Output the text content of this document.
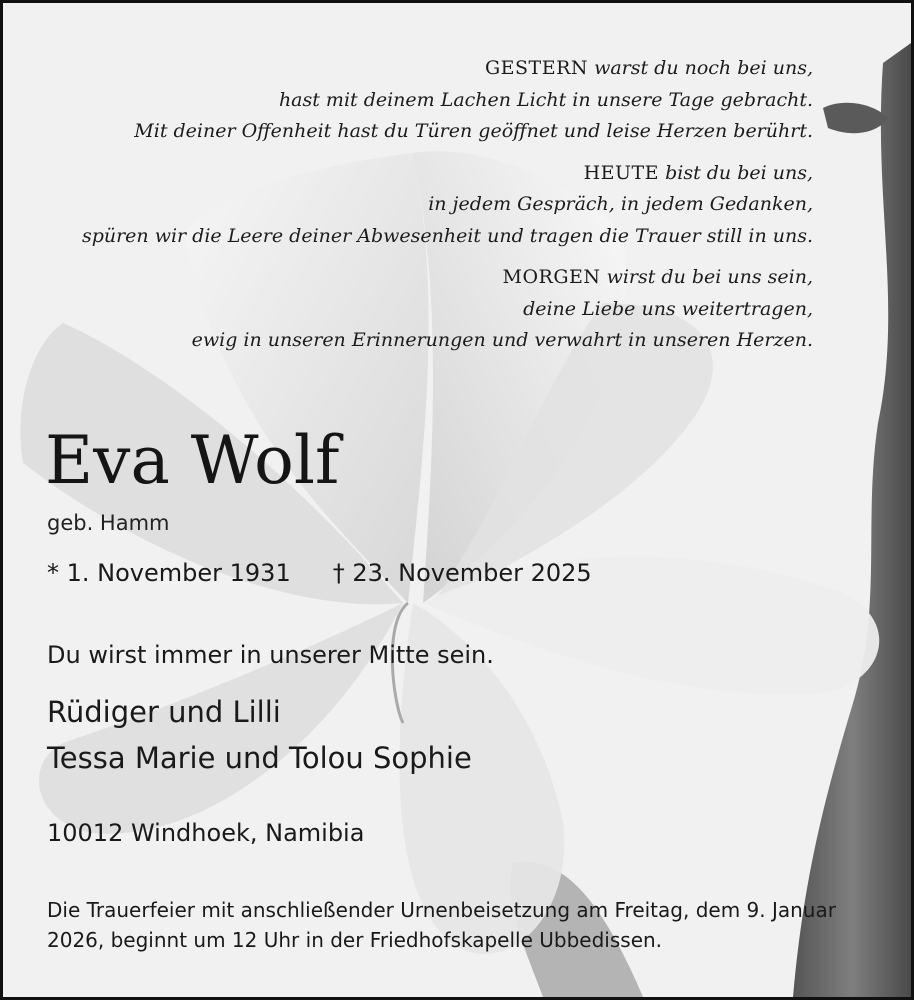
GESTERN warst du noch bei uns,
hast mit deinem Lachen Licht in unsere Tage gebracht.
Mit deiner Offenheit hast du Türen geöffnet und leise Herzen berührt.
HEUTE bist du bei uns,
in jedem Gespräch, in jedem Gedanken,
spüren wir die Leere deiner Abwesenheit und tragen die Trauer still in uns.
MORGEN wirst du bei uns sein,
deine Liebe uns weitertragen,
ewig in unseren Erinnerungen und verwahrt in unseren Herzen.
Eva Wolf
geb. Hamm
* 1. November 1931 † 23. November 2025
Du wirst immer in unserer Mitte sein.
Rüdiger und Lilli
Tessa Marie und Tolou Sophie
10012 Windhoek, Namibia
Die Trauerfeier mit anschließender Urnenbeisetzung am Freitag, dem 9. Januar 2026, beginnt um 12 Uhr in der Friedhofskapelle Ubbedissen.
